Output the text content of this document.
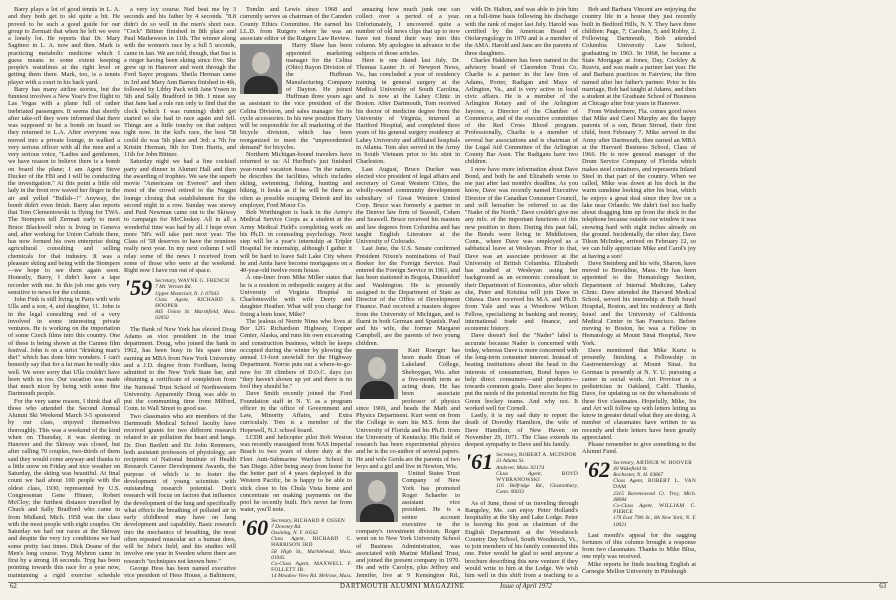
Barry plays a lot of good tennis in L. A. and they both get to ski quite a bit. He proved to be such a good guide for our group to Zermatt that when he left we were a lonely lot. He reports that Dr. Mary Sagitnor in L. A. now and then. Mark is practicing metabolic medicine which I guess means to some extent keeping people's waistlines at the right level or getting them there. Mark, too, is a tennis player with a court in his back yard.

Barry has many airline stories, but the funniest involves a New Year's Eve flight to Las Vegas with a plane full of rather inebriated passengers. It seems that shortly after take-off they were informed that there was supposed to be a bomb on board so they returned to L.A. After everyone was moved into a private lounge, in walked a very serious officer with all the men and a very serious voice, "Ladies and gentlemen, we have reason to believe there is a bomb on board the plane; I am Agent Steve Ducker of the FBI and I will be conducting the investigation." At this point a little old lady in the front row waved her finger in the air and yelled "Bullsh--!" Anyway, the bomb didn't even finish. Barry also reports that Tom Clementowski is flying for TWA. The Stompers tell Zermatt early to meet Bruce Blackwell who is living in Geneva and, after working for Union Carbide there, has now formed his own enterprise doing agricultural consulting and selling chemicals for that industry. It was a pleasure skiing and being with the Stompers—we hope to see them again soon. Honestly, Barry, I didn't have a tape recorder with me. In this job one gets very sensitive to news for the column.

John Fink is still living in Paris with wife Ulla and a son, 4, and daughter, 11. John is in the legal consulting end of a very involved in some interesting private ventures. He is working on the importation of some Czech films into this country. One of these is being shown at the Cannes film festival. John is on a strict "drinking man's diet" which has done him wonders. I can't honestly say that for a fat man he really skis well. We were sorry that Ulla couldn't have been with us too. Our vacation was made that much nicer by being with some fine Dartmouth people.

For the very same reason, I think that all those who attended the Second Annual Alumni Ski Weekend March 3-5 sponsored by our class, enjoyed themselves thoroughly. This was a weekend of the kind when on Thursday, it was sleeting in Hanover and the Skiway was closed, but after calling 70 couples, two-thirds of them said they would come anyway and thanks to a little snow on Friday and nice weather on Saturday, the skiing was beautiful. At final count we had about 100 people with the oldest class, 1930, represented by U.S. Congressman Gene Hinner, Robert McCloy; the furthest distance travelled by Chuck and Sally Bradford who came in from Midland, Mich. 1958 was the class with the most people with eight couples. On Saturday we had our races at the Skiway and despite the very icy conditions we had some pretty fast times. Dick Doane of the Men's long course. Tryg Myhren came in first by a strong 18 seconds. Tryg has been pointing towards this race for a year now, maintaining a rigid exercise schedule

a very icy course. Ned beat me by 3 seconds and his father by 4 seconds. "8.8 didn't do so well in the men's short race. "Cock" Bittner finished in 8th place and Paul Mathewson in 11th. The winner along with the women's race by a full 5 seconds, came in last. We are told, though, that Sue is a ringer having been skiing since five. She grew up in Hanover and went through the Ford Sayre program. Sheila Herman came in 3rd and Mary Ann Barnes finished in 4th, followed by Libby Pack with Jane Ynsen in 5th and Sally Bradford in 9th. I must say that Jane had a rule run only to find that the clock (which I was running) didn't get started so she had to race again and fell. Things are a little touchy on that subject right now. In the kid's race, the best '58 could do was 5th place and 3rd: a 7th for Kristin Herman, 9th for Tom Harris, and 11th for John Bittner.

Saturday night we had a fine cocktail party and dinner in Alumni Hall and then the awarding of trophies. We saw the superb movie "Americans on Everest" and then most of the crowd retired to the Nugget lounge closing that establishment for the second night in a row. Sunday was snowy and Paul Newman came out to the Skiway to campaign for McCloskey. All in all a wonderful time was had by all. I hope even more '58's will take part next year. The Class of '58 deserves to have the reunions really next year. In my next column I will relay some of the news I received from some of those who were at the weekend. Right now I have run out of space.

'59 Secretary, WAYNE G. FRENCH
7 Mt. Vernon Rd.
Upper Montclair, N. J. 07043
Class Agent, RICHARD S. HOOPER
845 Union St. Marshfield, Mass. 02050

The Bank of New York has elected Doug Adams as vice president in the trust department. Doug, who joined the bank in 1962, has been busy in his spare time earning an MBA from New York University and a J.D. degree from Fordham, being admitted to the New York State bar, and obtaining a certificate of completion from the National Trust School of Northwestern University. Apparently Doug was able to put the communting time from Milford, Conn. to Wall Street to good use.

Two classmates who are members of the Dartmouth Medical School faculty have received grants for two different research related to air pollution the heart and lungs. Dr. Don Bartlett and Dr. John Remmers, both assistant professors of physiology, are recipients of National Institute of Health Research Career Development Awards, the purpose of which is to foster the development of young scientists with outstanding research potential. Don's research will focus on factors that influence the development of the lung and specifically what effects the breathing of polluted air in early childhood may have on lung development and capability. Basic research into the mechanics of breathing, the most often repeated muscular act a human does, will be John's field, and his studies will involve one year in Sweden where there are research "techniques not known here."

George Hess has been named executive vice president of Hess House, a Baltimore,

Tomlin and Lewis since 1968 and currently serves as chairman of the Camden County Ethics Committee. He earned his LL.D. from Rutgers where he was an associate editor of the Rutgers Law Review.

Harry Shaw has been appointed marketing manager for the Celina (Ohio) Rayon Division of the Huffman Manufacturing Company of Dayton. He joined Huffman three years ago as assistant to the vice president of the Celina Division, and sales manager for its cycle accessories. In his new position Harry will be responsible for all marketing of the bicycle division, which has been reorganized to meet the "unprecedented demand" for bicycles.

Northern Michigan-bound travelers have returned to us: Al Hurlbut's just finished year-round vacation house. "In the nature, he describes the facilities, which includes skiing, swimming, fishing, hunting and hiking, it looks as if he will be there as often as possible escaping Detroit and his employer, Ford Motor Co.

Bob Worthington is back in the Army's Medical Service Corps as a student at the Army Medical Field's completing work on his Ph.D. in counseling psychology. Next step will be a year's internship at Tripler Hospital for internship, although I gather it will be hard to leave Salt Lake City where he and Anita have become mortgagees on a 40-year-old twelve room house.

A one-liner from Mike Miller states that he is a resident in orthopedic surgery at the University of Virginia Hospital in Charlottesville with wife Deery and daughter Heather. What will you charge for fixing a bum knee, Mike?

The jealous of Norrie Nims who lives at Bor 12G Richardson Highway, Copper Center, Alaska, and runs his own excavating and construction business, which he keeps occupied during the winter by plowing the annual 13-foot snowfall for the Highway Department. Norrie puts out a where-to-go-now for 39 climbers of D.O.C. days (so "they haven't shown up yet and there is no fool they should be."

Dave Smith recently joined the Ford Foundation staff in N. Y. as a program officer in the office of Government and Law, Minority Affairs, and Extra curriculaly. Tom is a member of the Hopewell, N.J. school board.

LCDR and helicopter pilot Bob Weston was recently reassigned from NAS Imperial Beach to two years of shore duty at the Fleet Anti-Submarine Warfare School in San Diego. After being away from home for the better part of 4 years deployed in the Western Pacific, he is happy to be able to stick close to his Chula Vista home and concentrate on making payments on the pool he recently built. He's never far from water, you'll note.

'60 Secretary, RICHARD P. OSSEN
7 Downey Rd.
Ossining, N. Y. 10562
Class Agent, RICHARD C. HARRISON 3RD
58 High St., Marblehead, Mass. 01945
Co-Class Agent, MAXWELL F. FOLLETT JR.
14 Meadow View Rd. Melrose, Mass.

amazing how much junk one can collect over a period of a year. Unfortunately, I uncovered quite a number of old news clips that up to now have not found their way into this column. My apologies in advance to the subjects of those articles.

Here is one dated last July. Dr. Thomas Lauter Jr. of Newport News, Va., has concluded a year of residency training in general surgery at the Medical University of South Carolina, and is now at the Lahey Clinic in Boston. After Dartmouth, Tom received his doctor of medicine degree from the University of Virginia, interned at Hartford Hospital, and completed three years of his general surgery residency at Lahey University and affiliated hospitals in Atlanta. Tom also served in the Army in South Vietnam prior to his stint in Charleston.

Last August, Bruce Ducker was elected vice president of legal affairs and secretary of Great Western Cities, the wholly-owned community development subsidiary of Great Western United Corp. Bruce was formerly a partner in the Denver law firm of Seawell, Cohen and Seawell. Bruce received his masters and law degrees from Columbia and has taught English Literature at the University of Colorado.

Last June, the U.S. Senate confirmed President Nixon's nominations of Paul Boeker for the Foreign Service. Paul entered the Foreign Service in 1961, and has been stationed in Bogota, Dusseldorf and Washington. He is presently assigned to the Department of State as Director of the Office of Development Finance. Paul received a masters degree from the University of Michigan, and is fluent in both German and Spanish. Paul and his wife, the former Margaret Campbell, are the parents of two young children.

Kurt Roerger has been made Dean of Lakeland College, Sheboygan, Wis. after a five-month term as acting dean. He has been associate professor of physics since 1969, and heads the Math and Physics Department. Kurt went on from the College to earn his M.S. from the University of Florida and his Ph.D. from the University of Kentucky. His field of research has been experimental physics and he is the co-author of several papers. He and wife Gerda are the parents of two boys and a girl and live in Newton, Wis.

United States Trust Company of New York has promoted Roger Schaefer to assistant vice president. He is a senior account executive in the company's investment division. Roger went on to New York University School of Business Administration, was associated with Marine Midland Trust, and joined the present company in 1970. He and wife Carolyn, plus Jeffrey and Jennifer, live at 9 Kensington Rd.,

with Dr. Halton, and was able to join him on a full-time basis following his discharge with the rank of major last July. Harold was certified by the American Board of Otolaryngology in 1970 and is a member of the AMA. Harold and Jane are the parents of three daughters.

Charles Hakkinen has been named to the advisory board of Clarendon Trust Co. Charlie is a partner in the law firm of Adams, Porter, Radigan and Mays of Arlington, Va., and is very active in local civic affairs. He is a member of the Arlington Rotary and of the Arlington Jaycees, a Director of the Chamber of Commerce, and of the executive committee of the Red Cross Blood program. Professionally, Charlie is a member of several bar associations and is chairman of the Legal Aid Committee of the Arlington County Bar Assn. The Radigans have two children.

I now have more information about Dave Bond, and both he and Elizabeth wrote to me just after last month's deadline. As you know, Dave was recently named Executive Director of the Canadian Consumer Council, and will hereafter be referred to as the "Nader of the North." Dave couldn't give me any info. of the important functions of this new position to them. During this past fall, the Bonds were living in Middletown, Conn., where Dave was employed as a sabbatical leave at Wesleyan. Prior to that, Dave was an associate professor at the University of British Columbia. Elizabeth has studied at Wesleyan using her background as an economic consultant to their Department of Economics, after which she, Peter and Kristina will join Dave in Ottawa. Dave received his M.A. and Ph.D. from Yale and was a Woodrow Wilson Fellow, specializing in banking and money, international trade and finance, and economic history.

Dave doesn't feel the "Nader" label is accurate because Nader is concerned with today, whereas Dave is more concerned with the long-term consumer interest. Instead of beating institutions about the head in the interests of consumerism, Bond hopes to help direct consumers—and producers—towards common goals. Dave also hopes to put the needs of the potential recruits for Big Green hockey teams. And why not. It worked well for Cornell.

Lastly, it is my sad duty to report the death of Dorothy Hamilton, the wife of Dave Hamilton, of New Haven on November 29, 1971. The Class extends its deepest sympathy to Dave and his family.

'61 Secretary, ROBERT A. MCINDOR
31 Adams St.
Andover, Mass. 02174
Class Agent,	BOYD WYBRANOWSKI
116 Belfridge Rd., Glastonbury, Conn. 06033

As of June, those of us traveling through Rangeley, Me. can enjoy Peter Holland's hospitality at the Sky and Lake Lodge. Peter is leaving his post as chairman of the English Department at the Woodstock Country Day School, South Woodstock, Vt., to join members of his family connected this one. Peter would be glad to send anyone a brochure describing this new venture if they would write to him at the Lodge. We wish him well in this shift from a teaching to a

Bob and Barbara Vincent are enjoying the country life in a house they just recently built in Bedford Hills, N. Y. They have three children: Page, 7; Caroline, 5; and Robby, 2. Following Dartmouth, Bob attended Columbia University Law School, graduating in 1963. In 1968, he became a State Mortgage at Jones, Day, Cockley & Reavis, and was made a partner last year. He and Barbara practices in Fairview, the firm named after her father's partner. Prior to his marriage, Bob had taught at Adams, and then a student at the Graduate School of Business at Chicago after four years in Hanover.

From Windermere, Fla. comes good news that Mike and Carol Murphy are the happy parents of a son, Brian Stroud, their first child, born February 7. Mike served in the Army after Dartmouth, then earned an MBA at the Harvard Business School, Class of 1966. He is now general manager of the Drum Service Company of Florida which makes steel containers, and represents Inland Steel in that part of the country. When we called, Mike was down at his dock in the warm sunshine looking after his boat, which he enjoys a great deal since they live on a lake near Orlando. We didn't feel too badly about dragging him up from the dock to the telephone because outside our window it was snowing hard with eight inches already on the ground. Incidentally, the other day, Dave Tilson McIndoe, arrived on February 12, so we can fully appreciate Mike and Carol's joy at having a son!

Dave Steinberg and his wife, Sharon, have moved to Brookline, Mass. He has been appointed to the Hematology Section, Department of Internal Medicine, Lahey Clinic. Dave attended the Harvard Medical School, served his internship at Beth Israel Hospital, Boston, and his residency at Beth Israel and the University of California Medical Center in San Francisco. Before moving to Boston, he was a Fellow in Hematology at Mount Sinai Hospital, New York.

Dave mentioned that Mike Kurtz is presently finishing a Fellowship in Gastroenterology at Mount Sinai. Ira Gorman is presently at N. Y. U. pursuing a career in social work. Art Provisor is a pediatrician in Oakland, Calif. Thanks, Dave, for updating us on the whereabouts of these five classmates. Hopefully, Mike, Ira and Art will follow up with letters letting us know in greater detail what they are doing. A number of classmates have written to us recently and their letters have been greatly appreciated.

Please remember to give something to the Alumni Fund.

'62 Secretary, ARTHUR W. HOOVER
40 Wakefield St.
Rochester, N. H. 03867
Class Agent, ROBERT L. VAN DAM
2315 Ravenswood Ct. Troy, Mich. 48084
Co-Class Agent, WILLIAM C. PIERCE
179 East 79th St., 8A New York, N. Y. 10021

Last month's appeal for the sagging fortunes of this column brought a response from two classmates. Thanks to Mike Bliss, one reply was received.

Mike reports he finds teaching English at Carnegie Mellon University in Pittsburgh

62	DARTMOUTH ALUMNI MAGAZINE	Issue of April 1972	63
